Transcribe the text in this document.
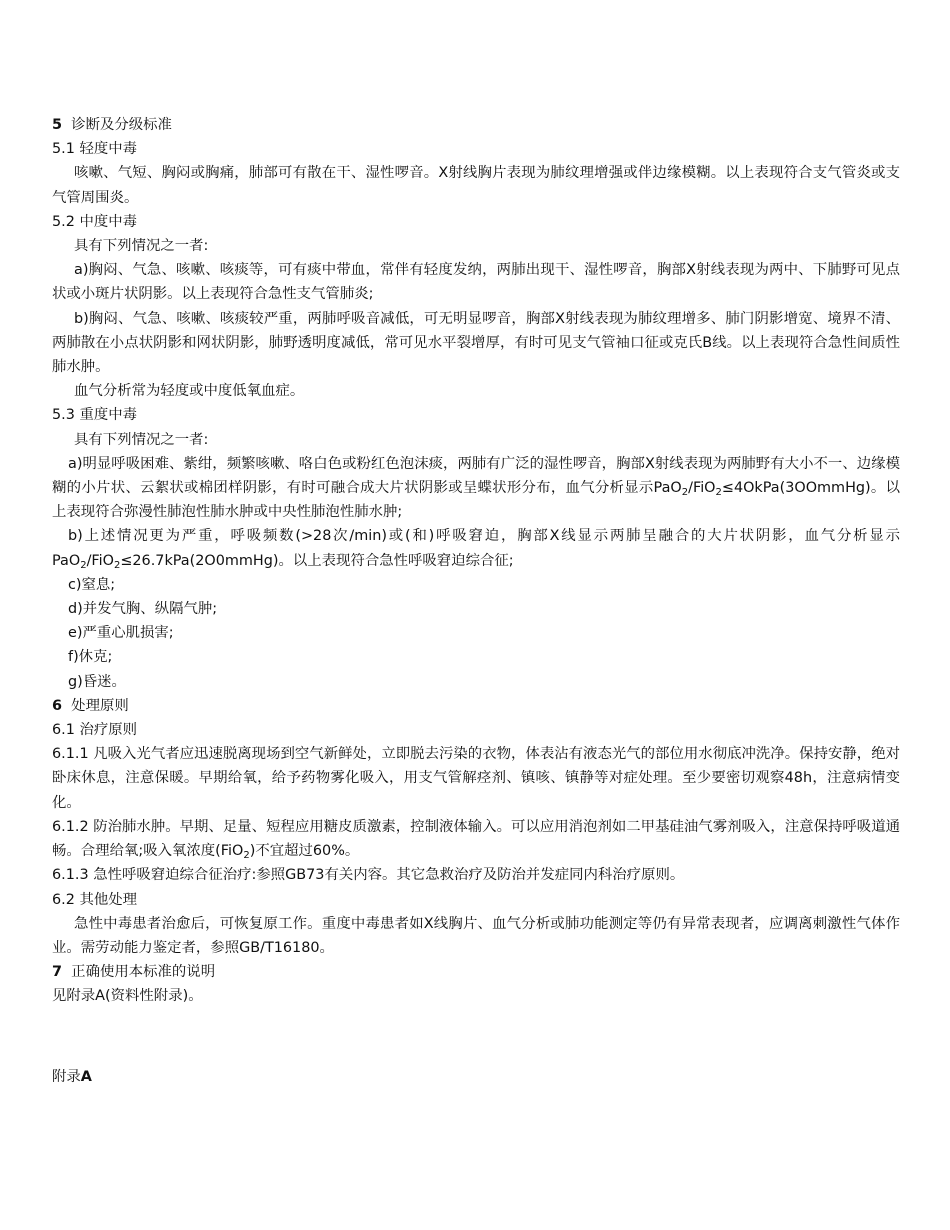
5 诊断及分级标准

5.1 轻度中毒

咳嗽、气短、胸闷或胸痛，肺部可有散在干、湿性啰音。X射线胸片表现为肺纹理增强或伴边缘模糊。以上表现符合支气管炎或支气管周围炎。

5.2 中度中毒

具有下列情况之一者:

a)胸闷、气急、咳嗽、咳痰等，可有痰中带血，常伴有轻度发纳，两肺出现干、湿性啰音，胸部X射线表现为两中、下肺野可见点状或小斑片状阴影。以上表现符合急性支气管肺炎;

b)胸闷、气急、咳嗽、咳痰较严重，两肺呼吸音减低，可无明显啰音，胸部X射线表现为肺纹理增多、肺门阴影增宽、境界不清、两肺散在小点状阴影和网状阴影，肺野透明度减低，常可见水平裂增厚，有时可见支气管袖口征或克氏B线。以上表现符合急性间质性肺水肿。

血气分析常为轻度或中度低氧血症。

5.3 重度中毒

具有下列情况之一者:

a)明显呼吸困难、紫绀，频繁咳嗽、咯白色或粉红色泡沫痰，两肺有广泛的湿性啰音，胸部X射线表现为两肺野有大小不一、边缘模糊的小片状、云絮状或棉团样阴影，有时可融合成大片状阴影或呈蝶状形分布，血气分析显示PaO$_2$/FiO$_2$≤4OkPa(3OOmmHg)。以上表现符合弥漫性肺泡性肺水肿或中央性肺泡性肺水肿;

b)上述情况更为严重，呼吸频数(>28次/min)或(和)呼吸窘迫，胸部X线显示两肺呈融合的大片状阴影，血气分析显示PaO$_2$/FiO$_2$≤26.7kPa(2O0mmHg)。以上表现符合急性呼吸窘迫综合征;

c)窒息;

d)并发气胸、纵隔气肿;

e)严重心肌损害;

f)休克;

g)昏迷。

6 处理原则

6.1 治疗原则

6.1.1 凡吸入光气者应迅速脱离现场到空气新鲜处，立即脱去污染的衣物，体表沾有液态光气的部位用水彻底冲洗净。保持安静，绝对卧床休息，注意保暖。早期给氧，给予药物雾化吸入，用支气管解痉剂、镇咳、镇静等对症处理。至少要密切观察48h，注意病情变化。

6.1.2 防治肺水肿。早期、足量、短程应用糖皮质激素，控制液体输入。可以应用消泡剂如二甲基硅油气雾剂吸入，注意保持呼吸道通畅。合理给氧;吸入氧浓度(FiO$_2$)不宜超过60%。

6.1.3 急性呼吸窘迫综合征治疗:参照GB73有关内容。其它急救治疗及防治并发症同内科治疗原则。

6.2 其他处理

急性中毒患者治愈后，可恢复原工作。重度中毒患者如X线胸片、血气分析或肺功能测定等仍有异常表现者，应调离刺激性气体作业。需劳动能力鉴定者，参照GB/T16180。

7 正确使用本标准的说明

见附录A(资料性附录)。

附录A
